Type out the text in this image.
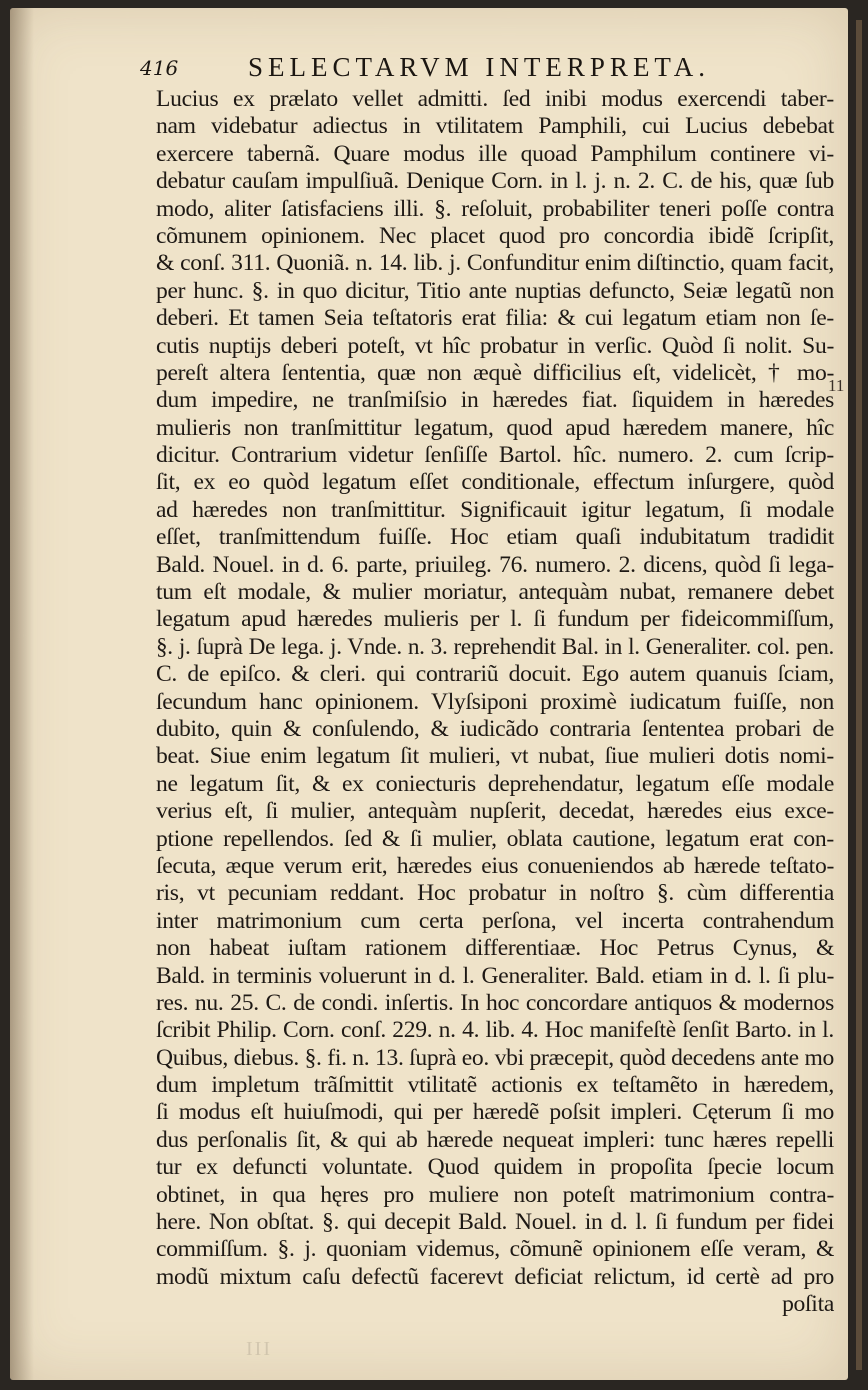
416	SELECTARVM INTERPRETA.
Lucius ex prælato vellet admitti. ſed inibi modus exercendi taber‐
nam videbatur adiectus in vtilitatem Pamphili, cui Lucius debebat
exercere tabernã. Quare modus ille quoad Pamphilum continere vi‐
debatur cauſam impulſiuã. Denique Corn. in l. j. n. 2. C. de his, quæ ſub
modo, aliter ſatisfaciens illi. §. reſoluit, probabiliter teneri poſſe contra
cõmunem opinionem. Nec placet quod pro concordia ibidẽ ſcripſit,
& conſ. 311. Quoniã. n. 14. lib. j. Confunditur enim diſtinctio, quam facit,
per hunc. §. in quo dicitur, Titio ante nuptias defuncto, Seiæ legatũ non
deberi. Et tamen Seia teſtatoris erat filia: & cui legatum etiam non ſe‐
cutis nuptijs deberi poteſt, vt hîc probatur in verſic. Quòd ſi nolit. Su‐
pereſt altera ſententia, quæ non æquè difficilius eſt, videlicèt, † mo‐
dum impedire, ne tranſmiſsio in hæredes fiat. ſiquidem in hæredes
mulieris non tranſmittitur legatum, quod apud hæredem manere, hîc
dicitur. Contrarium videtur ſenſiſſe Bartol. hîc. numero. 2. cum ſcrip‐
ſit, ex eo quòd legatum eſſet conditionale, effectum inſurgere, quòd
ad hæredes non tranſmittitur. Significauit igitur legatum, ſi modale
eſſet, tranſmittendum fuiſſe. Hoc etiam quaſi indubitatum tradidit
Bald. Nouel. in d. 6. parte, priuileg. 76. numero. 2. dicens, quòd ſi lega‐
tum eſt modale, & mulier moriatur, antequàm nubat, remanere debet
legatum apud hæredes mulieris per l. ſi fundum per fideicommiſſum,
§. j. ſuprà De lega. j. Vnde. n. 3. reprehendit Bal. in l. Generaliter. col. pen.
C. de epiſco. & cleri. qui contrariũ docuit. Ego autem quanuis ſciam,
ſecundum hanc opinionem. Vlyſsiponi proximè iudicatum fuiſſe, non
dubito, quin & conſulendo, & iudicãdo contraria ſententea probari de
beat. Siue enim legatum ſit mulieri, vt nubat, ſiue mulieri dotis nomi‐
ne legatum ſit, & ex coniecturis deprehendatur, legatum eſſe modale
verius eſt, ſi mulier, antequàm nupſerit, decedat, hæredes eius exce‐
ptione repellendos. ſed & ſi mulier, oblata cautione, legatum erat con‐
ſecuta, æque verum erit, hæredes eius conueniendos ab hærede teſtato‐
ris, vt pecuniam reddant. Hoc probatur in noſtro §. cùm differentia
inter matrimonium cum certa perſona, vel incerta contrahendum
non habeat iuſtam rationem differentiaæ. Hoc Petrus Cynus, &
Bald. in terminis voluerunt in d. l. Generaliter. Bald. etiam in d. l. ſi plu‐
res. nu. 25. C. de condi. inſertis. In hoc concordare antiquos & modernos
ſcribit Philip. Corn. conſ. 229. n. 4. lib. 4. Hoc manifeſtè ſenſit Barto. in l.
Quibus, diebus. §. fi. n. 13. ſuprà eo. vbi præcepit, quòd decedens ante mo
dum impletum trãſmittit vtilitatẽ actionis ex teſtamẽto in hæredem,
ſi modus eſt huiuſmodi, qui per hæredẽ poſsit impleri. Cęterum ſi mo
dus perſonalis ſit, & qui ab hærede nequeat impleri: tunc hæres repelli
tur ex defuncti voluntate. Quod quidem in propoſita ſpecie locum
obtinet, in qua hęres pro muliere non poteſt matrimonium contra‐
here. Non obſtat. §. qui decepit Bald. Nouel. in d. l. ſi fundum per fidei
commiſſum. §. j. quoniam videmus, cõmunẽ opinionem eſſe veram, &
modũ mixtum caſu defectũ facerevt deficiat relictum, id certè ad pro
poſita
11
III
